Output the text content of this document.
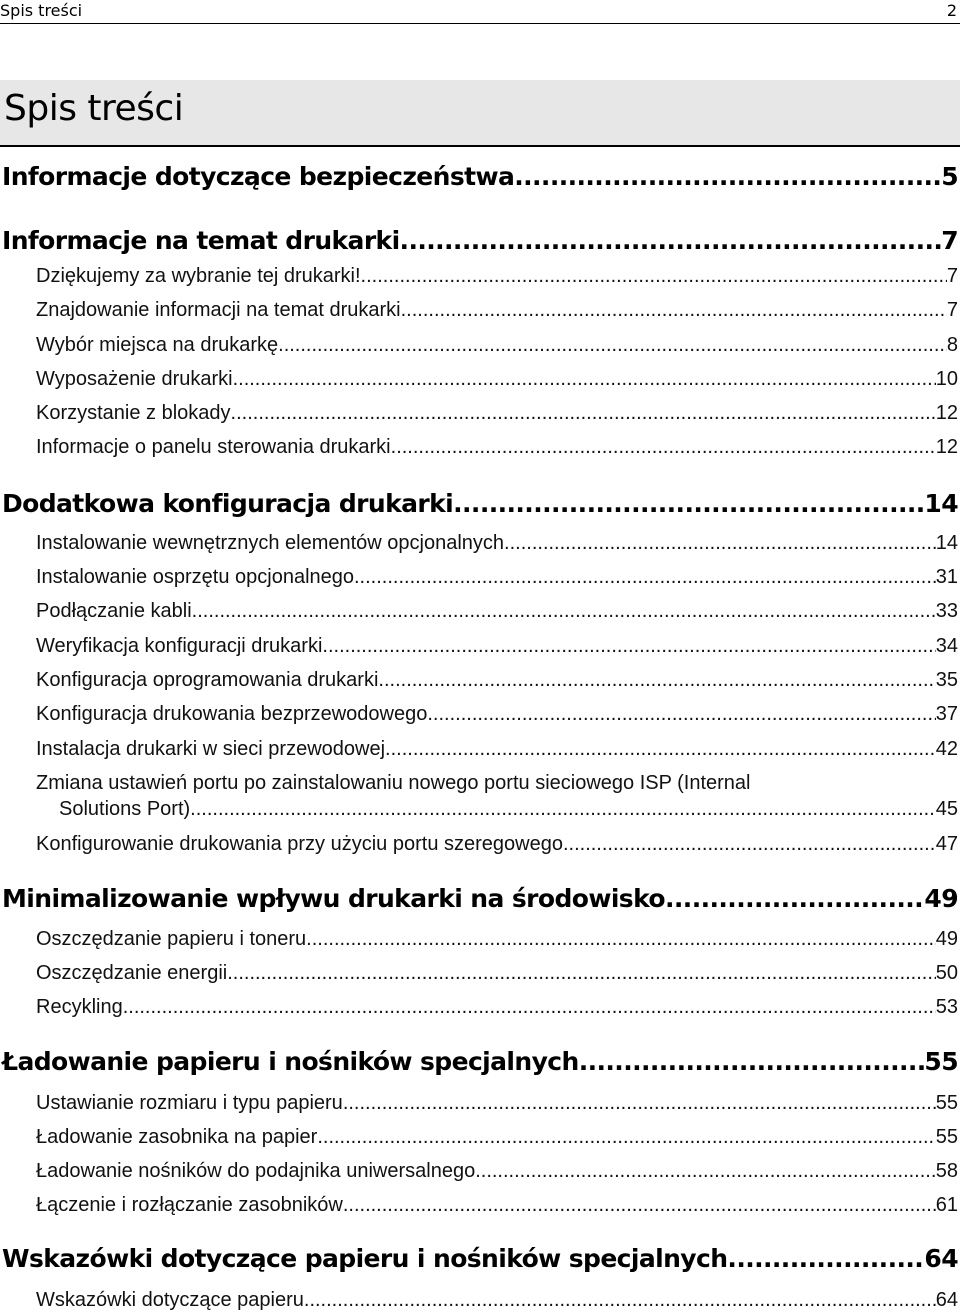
Spis treści	2
Spis treści
Informacje dotyczące bezpieczeństwa .....	5
Informacje na temat drukarki .....	7
Dziękujemy za wybranie tej drukarki!. .....	7
Znajdowanie informacji na temat drukarki .....	7
Wybór miejsca na drukarkę .....	8
Wyposażenie drukarki .....	10
Korzystanie z blokady .....	12
Informacje o panelu sterowania drukarki .....	12
Dodatkowa konfiguracja drukarki .....	14
Instalowanie wewnętrznych elementów opcjonalnych .....	14
Instalowanie osprzętu opcjonalnego .....	31
Podłączanie kabli .....	33
Weryfikacja konfiguracji drukarki .....	34
Konfiguracja oprogramowania drukarki .....	35
Konfiguracja drukowania bezprzewodowego .....	37
Instalacja drukarki w sieci przewodowej .....	42
Zmiana ustawień portu po zainstalowaniu nowego portu sieciowego ISP (Internal
Solutions Port) .....	45
Konfigurowanie drukowania przy użyciu portu szeregowego .....	47
Minimalizowanie wpływu drukarki na środowisko .....	49
Oszczędzanie papieru i toneru .....	49
Oszczędzanie energii .....	50
Recykling .....	53
Ładowanie papieru i nośników specjalnych .....	55
Ustawianie rozmiaru i typu papieru .....	55
Ładowanie zasobnika na papier .....	55
Ładowanie nośników do podajnika uniwersalnego .....	58
Łączenie i rozłączanie zasobników .....	61
Wskazówki dotyczące papieru i nośników specjalnych .....	64
Wskazówki dotyczące papieru .....	64
